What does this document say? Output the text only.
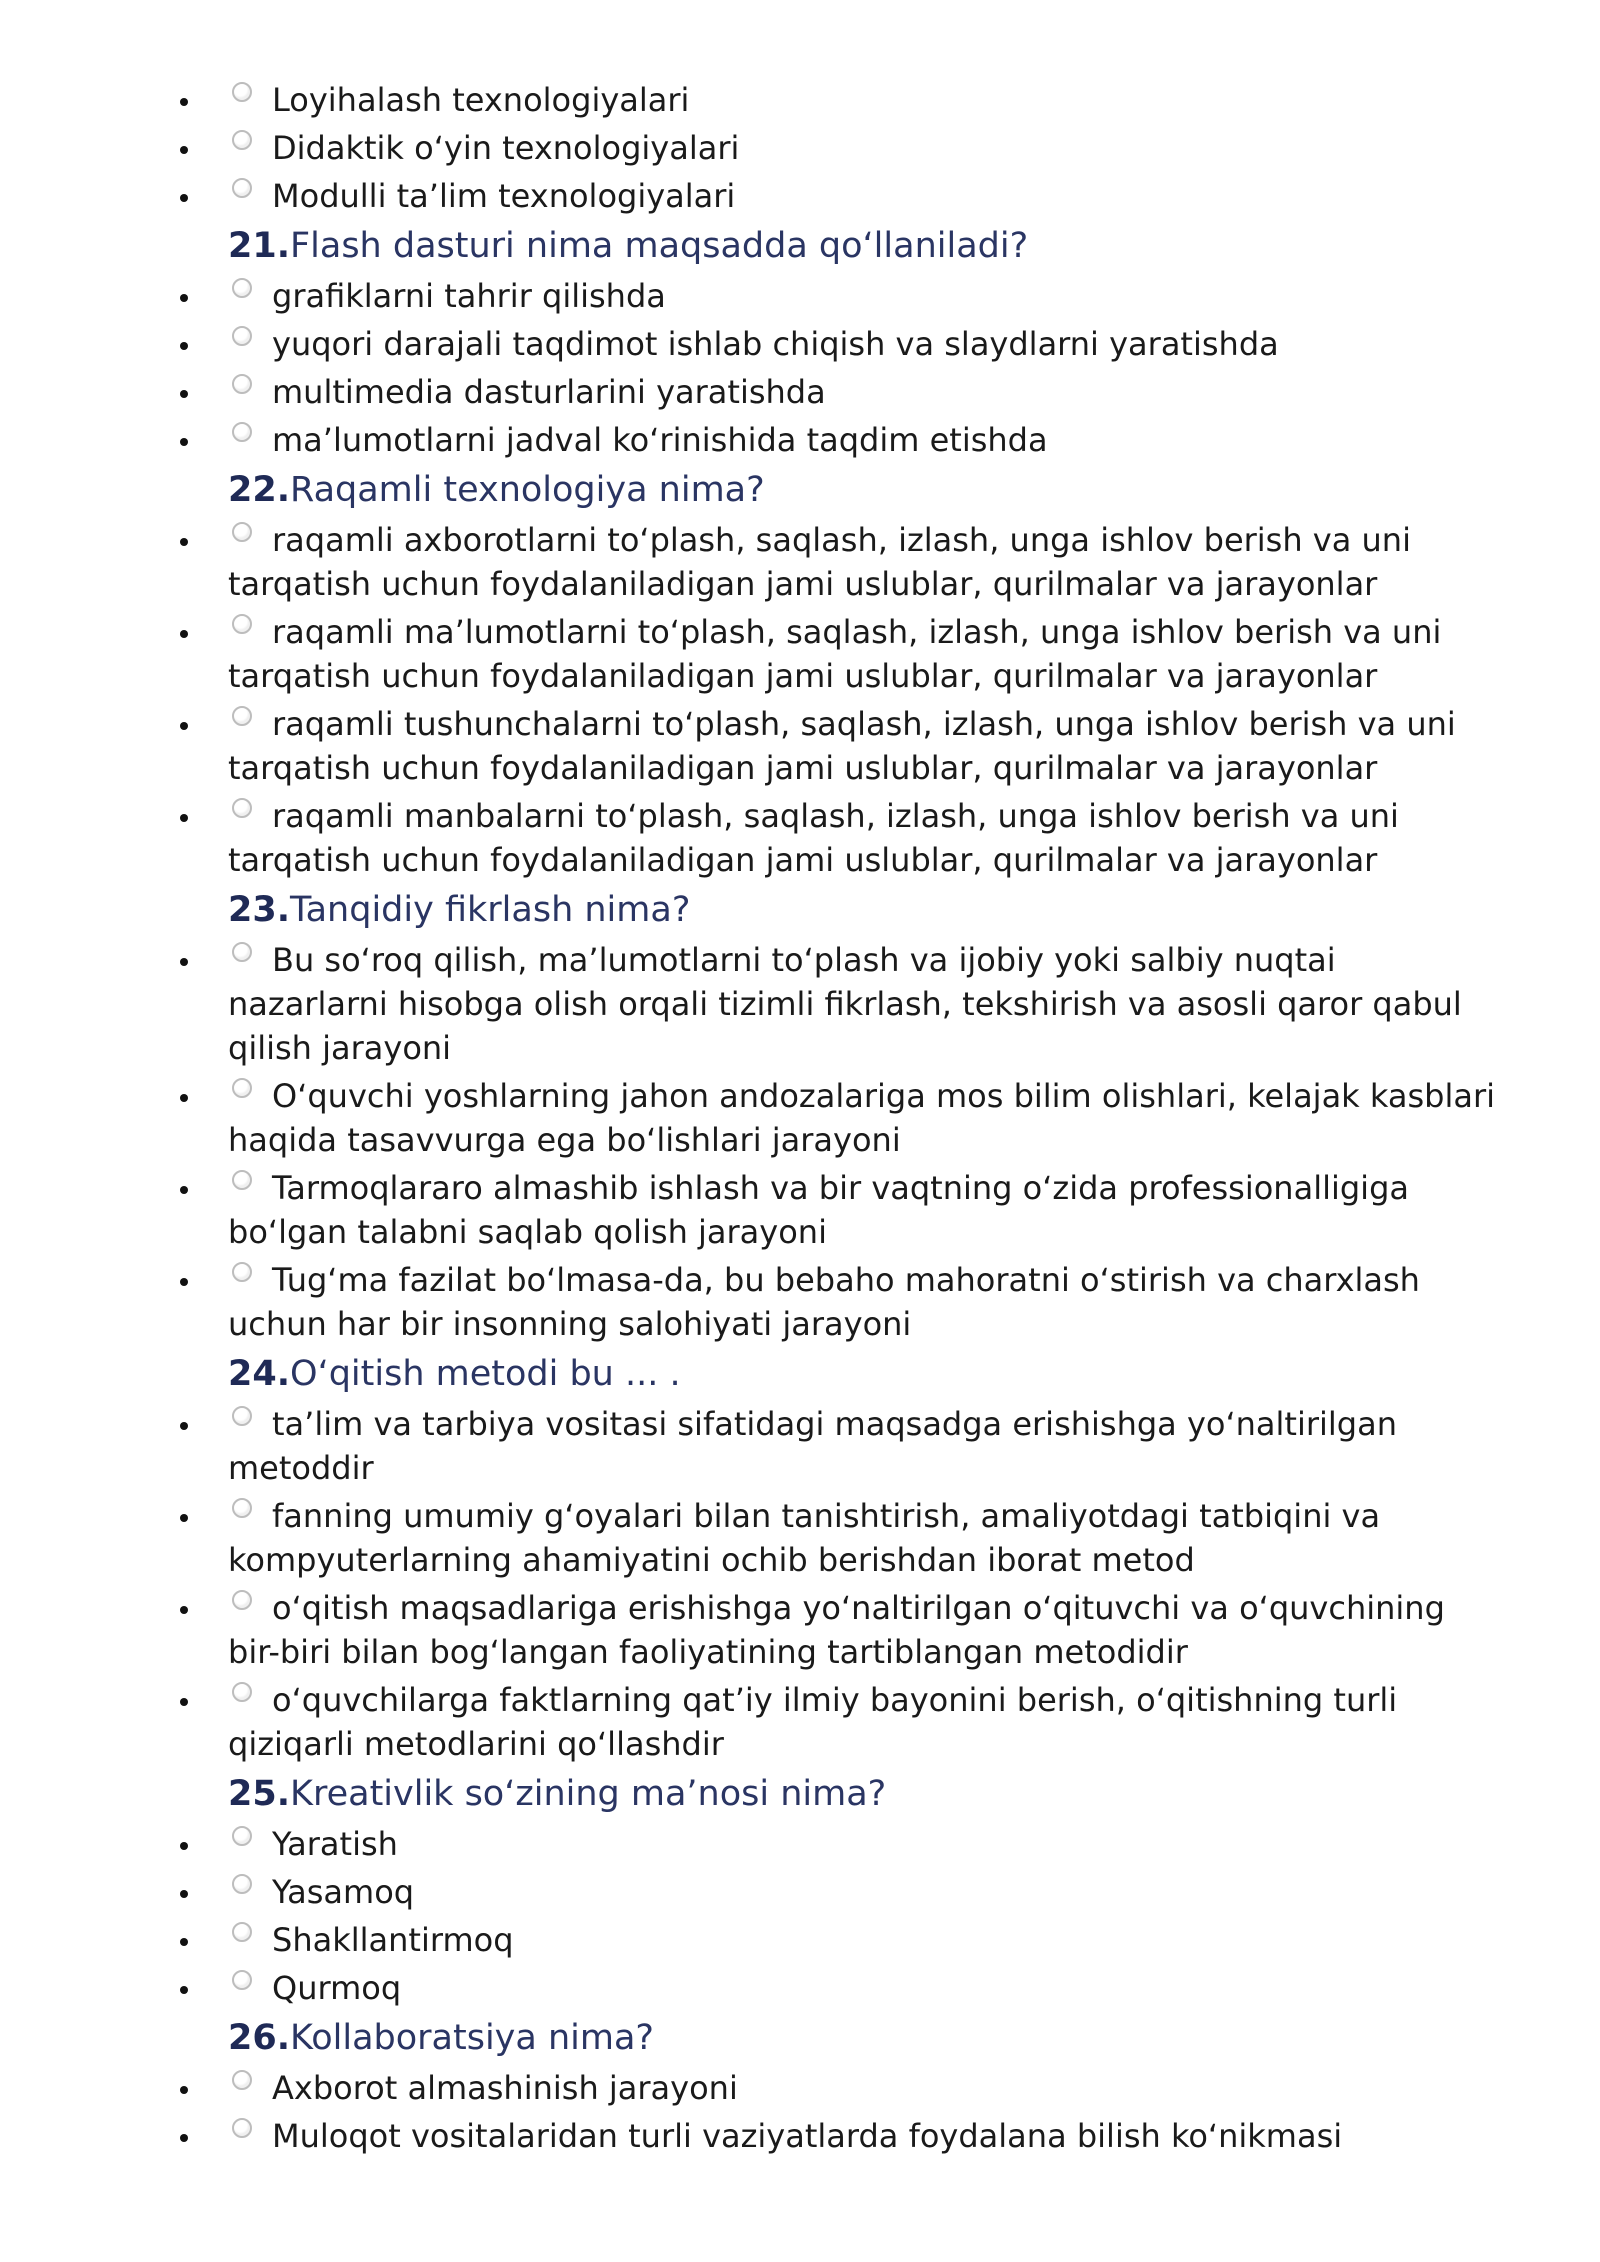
Loyihalash texnologiyalari
Didaktik o‘yin texnologiyalari
Modulli ta’lim texnologiyalari
21.Flash dasturi nima maqsadda qo‘llaniladi?
grafiklarni tahrir qilishda
yuqori darajali taqdimot ishlab chiqish va slaydlarni yaratishda
multimedia dasturlarini yaratishda
ma’lumotlarni jadval ko‘rinishida taqdim etishda
22.Raqamli texnologiya nima?
raqamli axborotlarni to‘plash, saqlash, izlash, unga ishlov berish va uni tarqatish uchun foydalaniladigan jami uslublar, qurilmalar va jarayonlar
raqamli ma’lumotlarni to‘plash, saqlash, izlash, unga ishlov berish va uni tarqatish uchun foydalaniladigan jami uslublar, qurilmalar va jarayonlar
raqamli tushunchalarni to‘plash, saqlash, izlash, unga ishlov berish va uni tarqatish uchun foydalaniladigan jami uslublar, qurilmalar va jarayonlar
raqamli manbalarni to‘plash, saqlash, izlash, unga ishlov berish va uni tarqatish uchun foydalaniladigan jami uslublar, qurilmalar va jarayonlar
23.Tanqidiy fikrlash nima?
Bu so‘roq qilish, ma’lumotlarni to‘plash va ijobiy yoki salbiy nuqtai nazarlarni hisobga olish orqali tizimli fikrlash, tekshirish va asosli qaror qabul qilish jarayoni
O‘quvchi yoshlarning jahon andozalariga mos bilim olishlari, kelajak kasblari haqida tasavvurga ega bo‘lishlari jarayoni
Tarmoqlararo almashib ishlash va bir vaqtning o‘zida professionalligiga bo‘lgan talabni saqlab qolish jarayoni
Tug‘ma fazilat bo‘lmasa-da, bu bebaho mahoratni o‘stirish va charxlash uchun har bir insonning salohiyati jarayoni
24.O‘qitish metodi bu ... .
ta’lim va tarbiya vositasi sifatidagi maqsadga erishishga yo‘naltirilgan metoddir
fanning umumiy g‘oyalari bilan tanishtirish, amaliyotdagi tatbiqini va kompyuterlarning ahamiyatini ochib berishdan iborat metod
o‘qitish maqsadlariga erishishga yo‘naltirilgan o‘qituvchi va o‘quvchining bir-biri bilan bog‘langan faoliyatining tartiblangan metodidir
o‘quvchilarga faktlarning qat’iy ilmiy bayonini berish, o‘qitishning turli qiziqarli metodlarini qo‘llashdir
25.Kreativlik so‘zining ma’nosi nima?
Yaratish
Yasamoq
Shakllantirmoq
Qurmoq
26.Kollaboratsiya nima?
Axborot almashinish jarayoni
Muloqot vositalaridan turli vaziyatlarda foydalana bilish ko‘nikmasi
